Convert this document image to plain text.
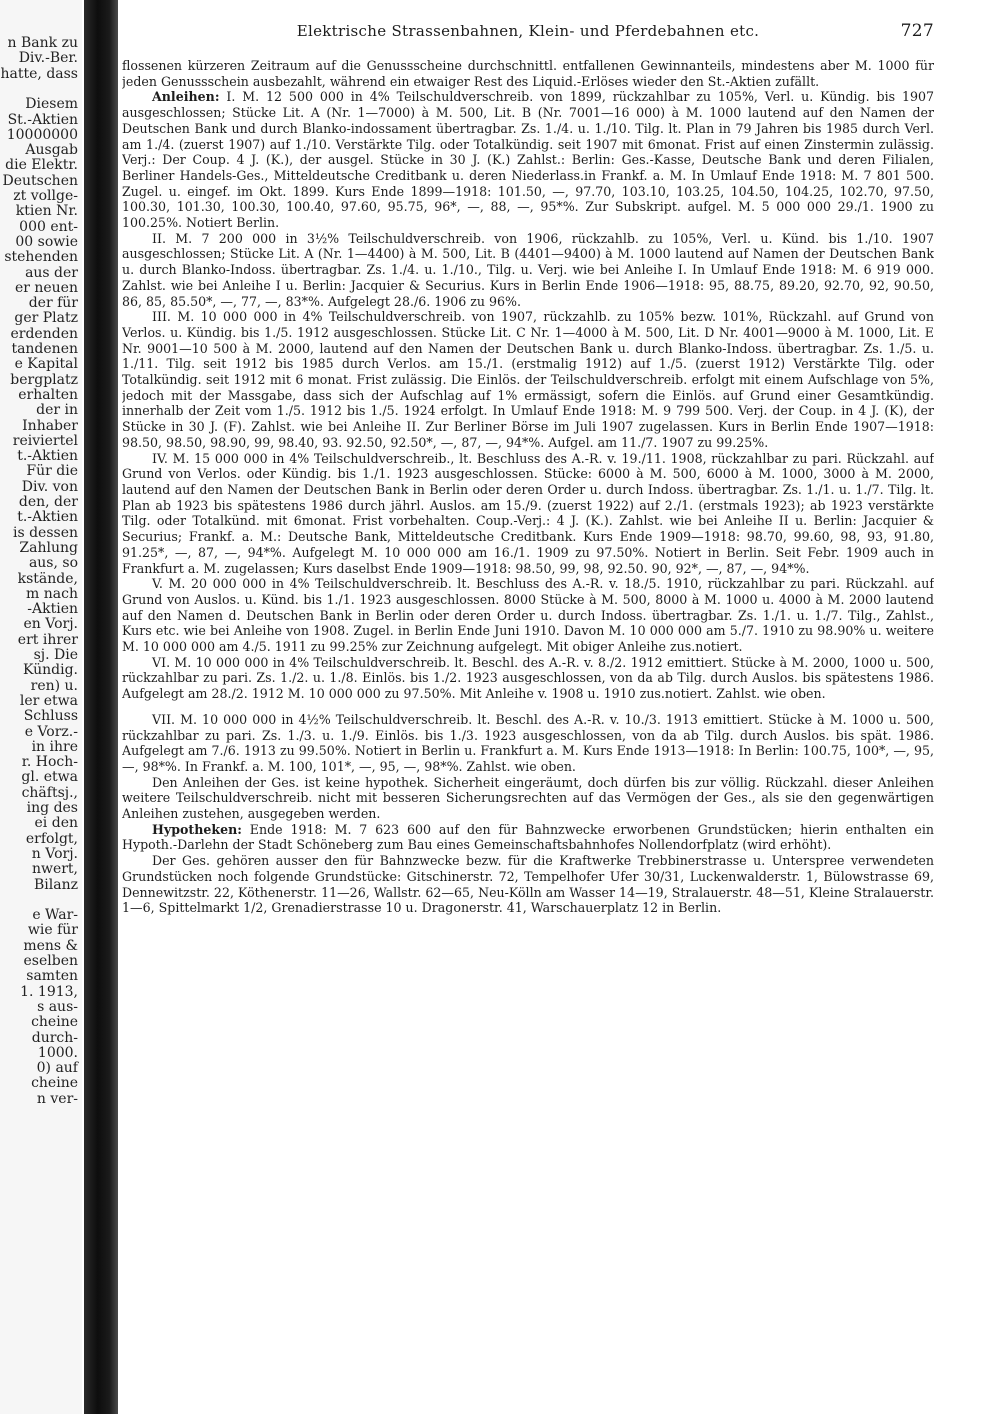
n Bank zu
Div.-Ber.
hatte, dass
Diesem
St.-Aktien
10000000
Ausgab
die Elektr.
Deutschen
zt vollge-
ktien Nr.
000 ent-
00 sowie
stehenden
aus der
er neuen
der für
ger Platz
erdenden
tandenen
e Kapital
bergplatz
erhalten
der in
Inhaber
reiviertel
t.-Aktien
Für die
Div. von
den, der
t.-Aktien
is dessen
Zahlung
aus, so
kstände,
m nach
-Aktien
en Vorj.
ert ihrer
sj. Die
Kündig.
ren) u.
ler etwa
Schluss
e Vorz.-
in ihre
r. Hoch-
gl. etwa
chäftsj.,
ing des
ei den
erfolgt,
n Vorj.
nwert,
Bilanz
e War-
wie für
mens &
eselben
samten
1. 1913,
s aus-
cheine
durch-
1000.
0) auf
cheine
n ver-
Elektrische Strassenbahnen, Klein- und Pferdebahnen etc.	727

flossenen kürzeren Zeitraum auf die Genussscheine durchschnittl. entfallenen Gewinnanteils, mindestens aber M. 1000 für jeden Genussschein ausbezahlt, während ein etwaiger Rest des Liquid.-Erlöses wieder den St.-Aktien zufällt.

Anleihen: I. M. 12 500 000 in 4% Teilschuldverschreib. von 1899, rückzahlbar zu 105%, Verl. u. Kündig. bis 1907 ausgeschlossen; Stücke Lit. A (Nr. 1—7000) à M. 500, Lit. B (Nr. 7001—16 000) à M. 1000 lautend auf den Namen der Deutschen Bank und durch Blanko-indossament übertragbar. Zs. 1./4. u. 1./10. Tilg. lt. Plan in 79 Jahren bis 1985 durch Verl. am 1./4. (zuerst 1907) auf 1./10. Verstärkte Tilg. oder Totalkündig. seit 1907 mit 6monat. Frist auf einen Zinstermin zulässig. Verj.: Der Coup. 4 J. (K.), der ausgel. Stücke in 30 J. (K.) Zahlst.: Berlin: Ges.-Kasse, Deutsche Bank und deren Filialen, Berliner Handels-Ges., Mitteldeutsche Creditbank u. deren Niederlass.in Frankf. a. M. In Umlauf Ende 1918: M. 7 801 500. Zugel. u. eingef. im Okt. 1899. Kurs Ende 1899—1918: 101.50, —, 97.70, 103.10, 103.25, 104.50, 104.25, 102.70, 97.50, 100.30, 101.30, 100.30, 100.40, 97.60, 95.75, 96*, —, 88, —, 95*%. Zur Subskript. aufgel. M. 5 000 000 29./1. 1900 zu 100.25%. Notiert Berlin.

II. M. 7 200 000 in 3½% Teilschuldverschreib. von 1906, rückzahlb. zu 105%, Verl. u. Künd. bis 1./10. 1907 ausgeschlossen; Stücke Lit. A (Nr. 1—4400) à M. 500, Lit. B (4401—9400) à M. 1000 lautend auf Namen der Deutschen Bank u. durch Blanko-Indoss. übertragbar. Zs. 1./4. u. 1./10., Tilg. u. Verj. wie bei Anleihe I. In Umlauf Ende 1918: M. 6 919 000. Zahlst. wie bei Anleihe I u. Berlin: Jacquier & Securius. Kurs in Berlin Ende 1906—1918: 95, 88.75, 89.20, 92.70, 92, 90.50, 86, 85, 85.50*, —, 77, —, 83*%. Aufgelegt 28./6. 1906 zu 96%.

III. M. 10 000 000 in 4% Teilschuldverschreib. von 1907, rückzahlb. zu 105% bezw. 101%, Rückzahl. auf Grund von Verlos. u. Kündig. bis 1./5. 1912 ausgeschlossen. Stücke Lit. C Nr. 1—4000 à M. 500, Lit. D Nr. 4001—9000 à M. 1000, Lit. E Nr. 9001—10 500 à M. 2000, lautend auf den Namen der Deutschen Bank u. durch Blanko-Indoss. übertragbar. Zs. 1./5. u. 1./11. Tilg. seit 1912 bis 1985 durch Verlos. am 15./1. (erstmalig 1912) auf 1./5. (zuerst 1912) Verstärkte Tilg. oder Totalkündig. seit 1912 mit 6 monat. Frist zulässig. Die Einlös. der Teilschuldverschreib. erfolgt mit einem Aufschlage von 5%, jedoch mit der Massgabe, dass sich der Aufschlag auf 1% ermässigt, sofern die Einlös. auf Grund einer Gesamtkündig. innerhalb der Zeit vom 1./5. 1912 bis 1./5. 1924 erfolgt. In Umlauf Ende 1918: M. 9 799 500. Verj. der Coup. in 4 J. (K), der Stücke in 30 J. (F). Zahlst. wie bei Anleihe II. Zur Berliner Börse im Juli 1907 zugelassen. Kurs in Berlin Ende 1907—1918: 98.50, 98.50, 98.90, 99, 98.40, 93. 92.50, 92.50*, —, 87, —, 94*%. Aufgel. am 11./7. 1907 zu 99.25%.

IV. M. 15 000 000 in 4% Teilschuldverschreib., lt. Beschluss des A.-R. v. 19./11. 1908, rückzahlbar zu pari. Rückzahl. auf Grund von Verlos. oder Kündig. bis 1./1. 1923 ausgeschlossen. Stücke: 6000 à M. 500, 6000 à M. 1000, 3000 à M. 2000, lautend auf den Namen der Deutschen Bank in Berlin oder deren Order u. durch Indoss. übertragbar. Zs. 1./1. u. 1./7. Tilg. lt. Plan ab 1923 bis spätestens 1986 durch jährl. Auslos. am 15./9. (zuerst 1922) auf 2./1. (erstmals 1923); ab 1923 verstärkte Tilg. oder Totalkünd. mit 6monat. Frist vorbehalten. Coup.-Verj.: 4 J. (K.). Zahlst. wie bei Anleihe II u. Berlin: Jacquier & Securius; Frankf. a. M.: Deutsche Bank, Mitteldeutsche Creditbank. Kurs Ende 1909—1918: 98.70, 99.60, 98, 93, 91.80, 91.25*, —, 87, —, 94*%. Aufgelegt M. 10 000 000 am 16./1. 1909 zu 97.50%. Notiert in Berlin. Seit Febr. 1909 auch in Frankfurt a. M. zugelassen; Kurs daselbst Ende 1909—1918: 98.50, 99, 98, 92.50. 90, 92*, —, 87, —, 94*%.

V. M. 20 000 000 in 4% Teilschuldverschreib. lt. Beschluss des A.-R. v. 18./5. 1910, rückzahlbar zu pari. Rückzahl. auf Grund von Auslos. u. Künd. bis 1./1. 1923 ausgeschlossen. 8000 Stücke à M. 500, 8000 à M. 1000 u. 4000 à M. 2000 lautend auf den Namen d. Deutschen Bank in Berlin oder deren Order u. durch Indoss. übertragbar. Zs. 1./1. u. 1./7. Tilg., Zahlst., Kurs etc. wie bei Anleihe von 1908. Zugel. in Berlin Ende Juni 1910. Davon M. 10 000 000 am 5./7. 1910 zu 98.90% u. weitere M. 10 000 000 am 4./5. 1911 zu 99.25% zur Zeichnung aufgelegt. Mit obiger Anleihe zus.notiert.

VI. M. 10 000 000 in 4% Teilschuldverschreib. lt. Beschl. des A.-R. v. 8./2. 1912 emittiert. Stücke à M. 2000, 1000 u. 500, rückzahlbar zu pari. Zs. 1./2. u. 1./8. Einlös. bis 1./2. 1923 ausgeschlossen, von da ab Tilg. durch Auslos. bis spätestens 1986. Aufgelegt am 28./2. 1912 M. 10 000 000 zu 97.50%. Mit Anleihe v. 1908 u. 1910 zus.notiert. Zahlst. wie oben.

VII. M. 10 000 000 in 4½% Teilschuldverschreib. lt. Beschl. des A.-R. v. 10./3. 1913 emittiert. Stücke à M. 1000 u. 500, rückzahlbar zu pari. Zs. 1./3. u. 1./9. Einlös. bis 1./3. 1923 ausgeschlossen, von da ab Tilg. durch Auslos. bis spät. 1986. Aufgelegt am 7./6. 1913 zu 99.50%. Notiert in Berlin u. Frankfurt a. M. Kurs Ende 1913—1918: In Berlin: 100.75, 100*, —, 95, —, 98*%. In Frankf. a. M. 100, 101*, —, 95, —, 98*%. Zahlst. wie oben.

Den Anleihen der Ges. ist keine hypothek. Sicherheit eingeräumt, doch dürfen bis zur völlig. Rückzahl. dieser Anleihen weitere Teilschuldverschreib. nicht mit besseren Sicherungsrechten auf das Vermögen der Ges., als sie den gegenwärtigen Anleihen zustehen, ausgegeben werden.

Hypotheken: Ende 1918: M. 7 623 600 auf den für Bahnzwecke erworbenen Grundstücken; hierin enthalten ein Hypoth.-Darlehn der Stadt Schöneberg zum Bau eines Gemeinschaftsbahnhofes Nollendorfplatz (wird erhöht).

Der Ges. gehören ausser den für Bahnzwecke bezw. für die Kraftwerke Trebbinerstrasse u. Unterspree verwendeten Grundstücken noch folgende Grundstücke: Gitschinerstr. 72, Tempelhofer Ufer 30/31, Luckenwalderstr. 1, Bülowstrasse 69, Dennewitzstr. 22, Köthenerstr. 11—26, Wallstr. 62—65, Neu-Kölln am Wasser 14—19, Stralauerstr. 48—51, Kleine Stralauerstr. 1—6, Spittelmarkt 1/2, Grenadierstrasse 10 u. Dragonerstr. 41, Warschauerplatz 12 in Berlin.
